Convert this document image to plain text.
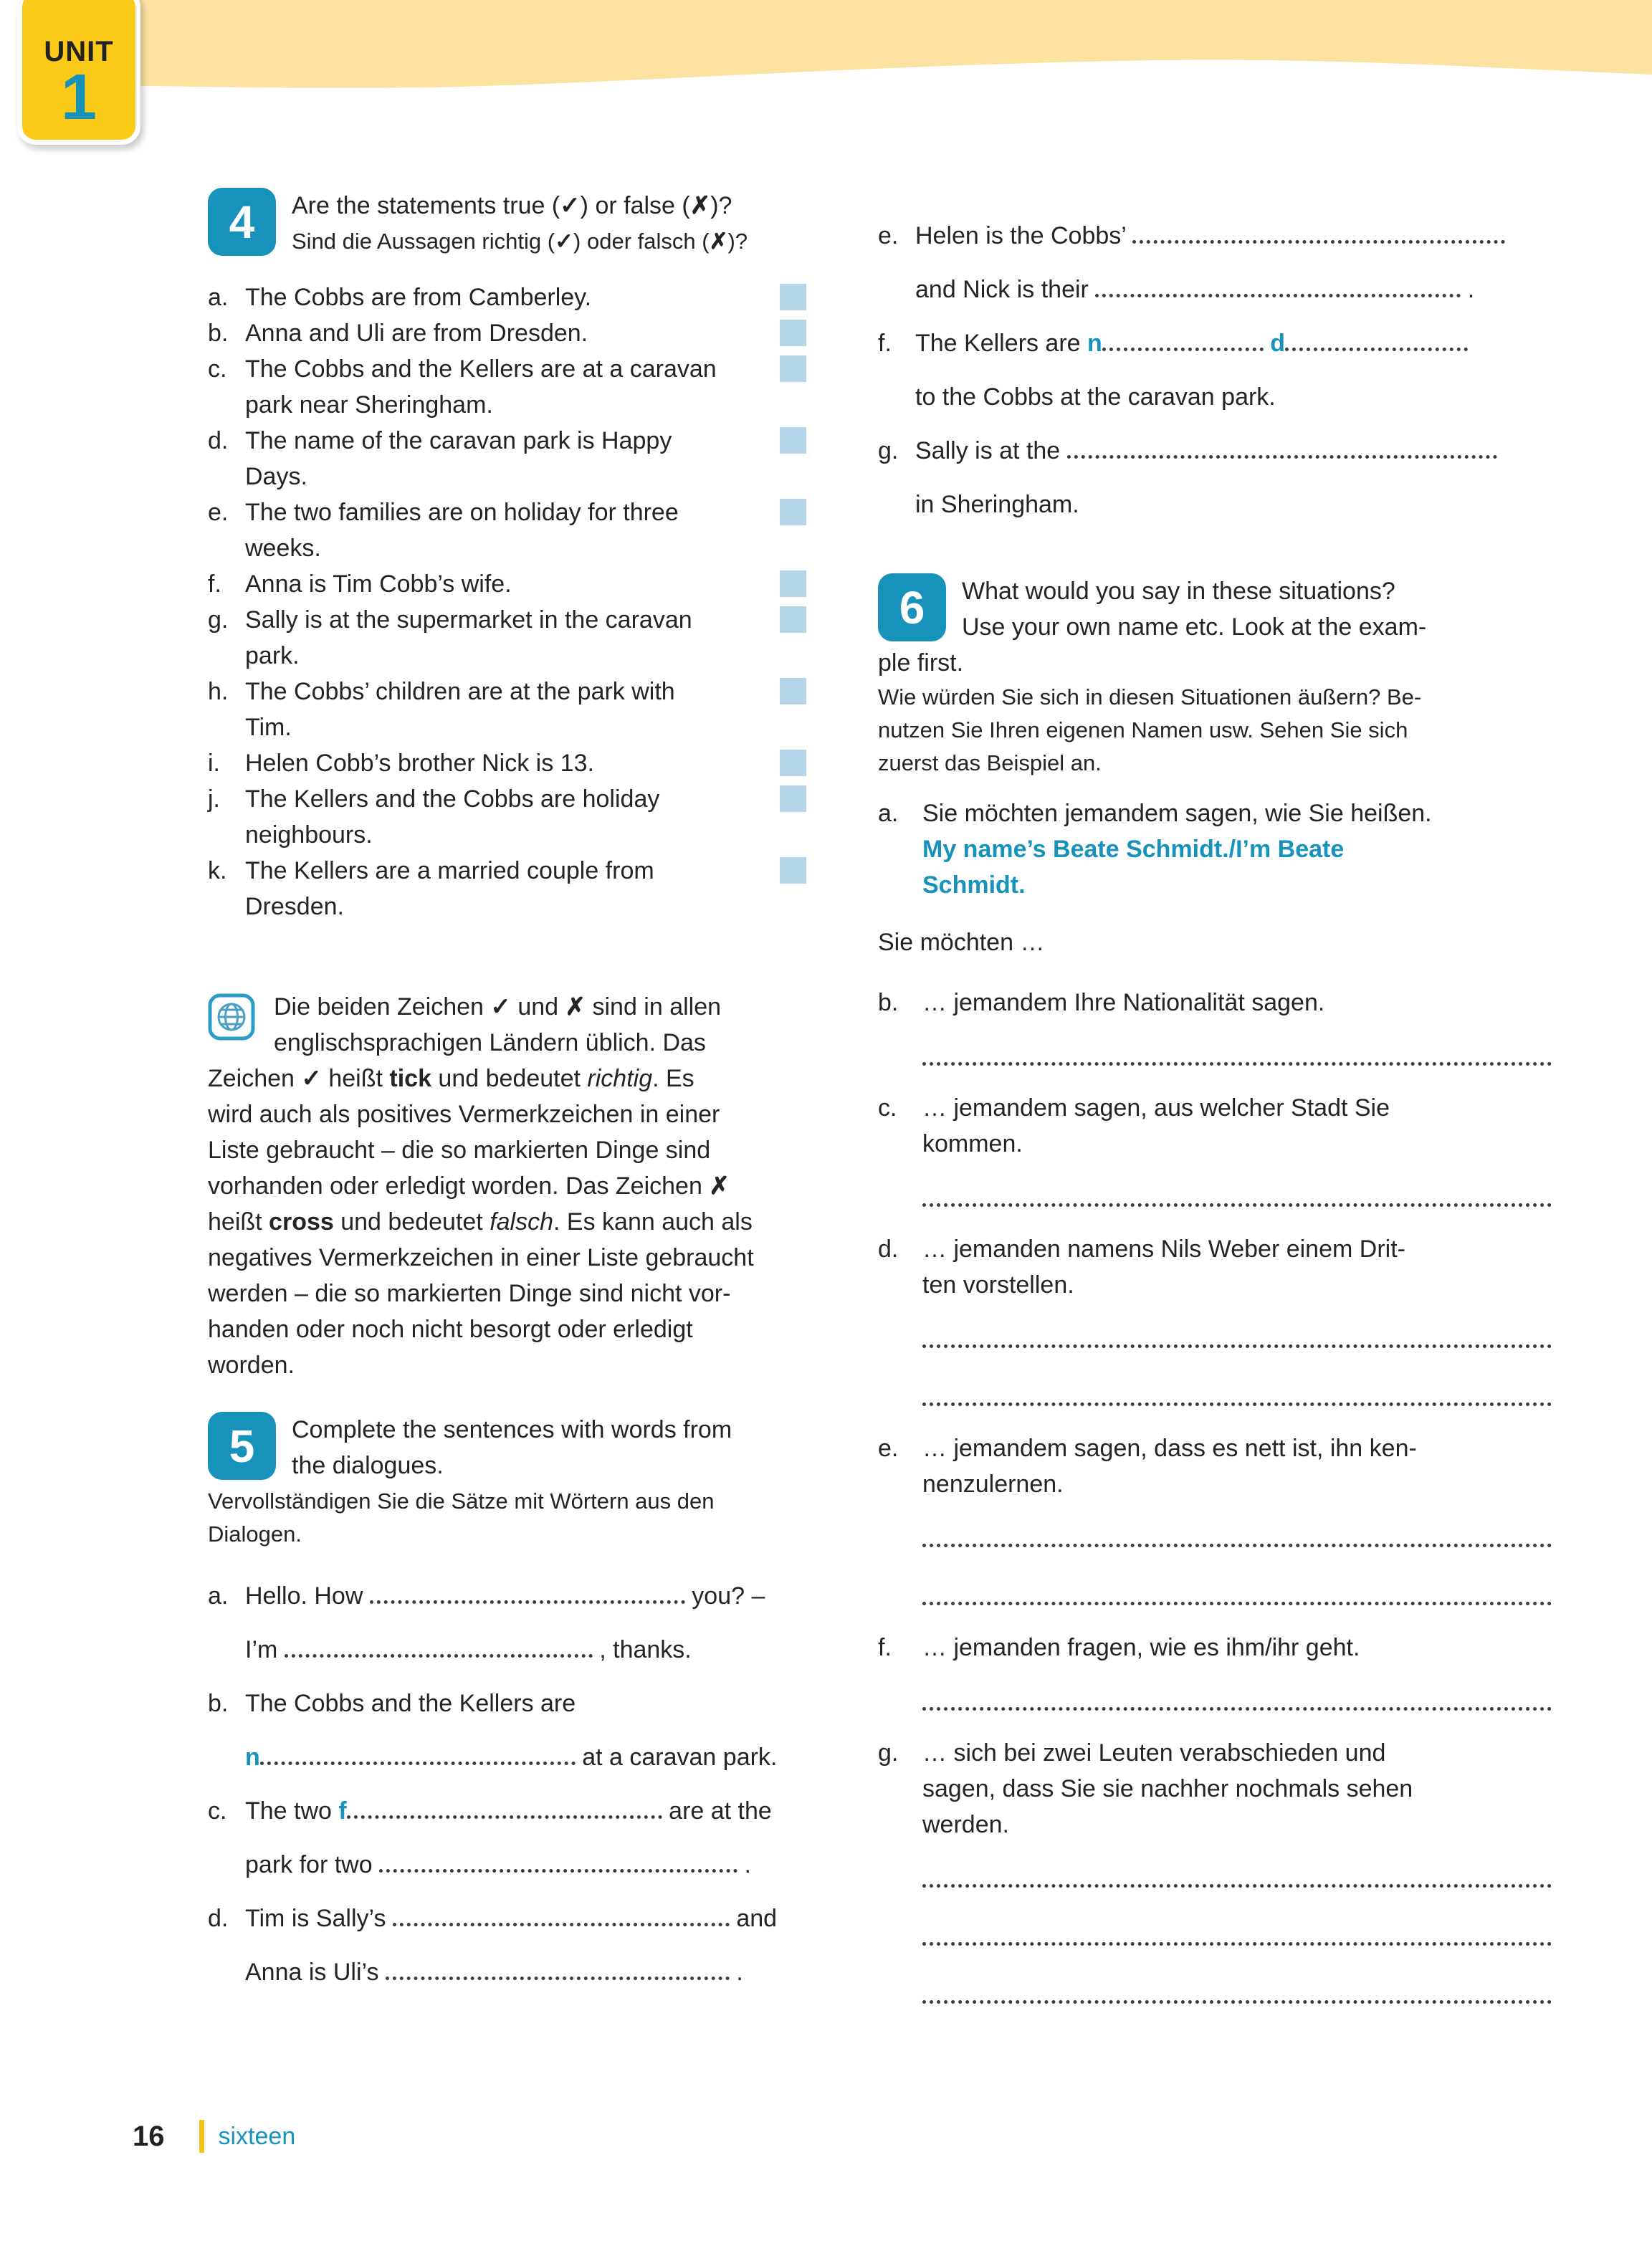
UNIT
1
4	Are the statements true (✓) or false (✗)?
Sind die Aussagen richtig (✓) oder falsch (✗)?
a. The Cobbs are from Camberley.
b. Anna and Uli are from Dresden.
c. The Cobbs and the Kellers are at a caravan
park near Sheringham.
d. The name of the caravan park is Happy
Days.
e. The two families are on holiday for three
weeks.
f. Anna is Tim Cobb’s wife.
g. Sally is at the supermarket in the caravan
park.
h. The Cobbs’ children are at the park with
Tim.
i. Helen Cobb’s brother Nick is 13.
j. The Kellers and the Cobbs are holiday
neighbours.
k. The Kellers are a married couple from
Dresden.
Die beiden Zeichen ✓ und ✗ sind in allen
englischsprachigen Ländern üblich. Das
Zeichen ✓ heißt tick und bedeutet richtig. Es
wird auch als positives Vermerkzeichen in einer
Liste gebraucht – die so markierten Dinge sind
vorhanden oder erledigt worden. Das Zeichen ✗
heißt cross und bedeutet falsch. Es kann auch als
negatives Vermerkzeichen in einer Liste gebraucht
werden – die so markierten Dinge sind nicht vor-
handen oder noch nicht besorgt oder erledigt
worden.
5	Complete the sentences with words from
the dialogues.
Vervollständigen Sie die Sätze mit Wörtern aus den Dialogen.
a. Hello. How	you? –
I’m	, thanks.
b. The Cobbs and the Kellers are
n	at a caravan park.
c. The two f	are at the
park for two	.
d. Tim is Sally’s	and
Anna is Uli’s	.
e. Helen is the Cobbs’
and Nick is their	.
f. The Kellers are n	d
to the Cobbs at the caravan park.
g. Sally is at the
in Sheringham.
6	What would you say in these situations?
Use your own name etc. Look at the exam-
ple first.
Wie würden Sie sich in diesen Situationen äußern? Be-
nutzen Sie Ihren eigenen Namen usw. Sehen Sie sich
zuerst das Beispiel an.
a. Sie möchten jemandem sagen, wie Sie heißen.
My name’s Beate Schmidt./I’m Beate
Schmidt.
Sie möchten …
b. … jemandem Ihre Nationalität sagen.
c. … jemandem sagen, aus welcher Stadt Sie
kommen.
d. … jemanden namens Nils Weber einem Drit-
ten vorstellen.
e. … jemandem sagen, dass es nett ist, ihn ken-
nenzulernen.
f. … jemanden fragen, wie es ihm/ihr geht.
g. … sich bei zwei Leuten verabschieden und
sagen, dass Sie sie nachher nochmals sehen
werden.
16 sixteen
